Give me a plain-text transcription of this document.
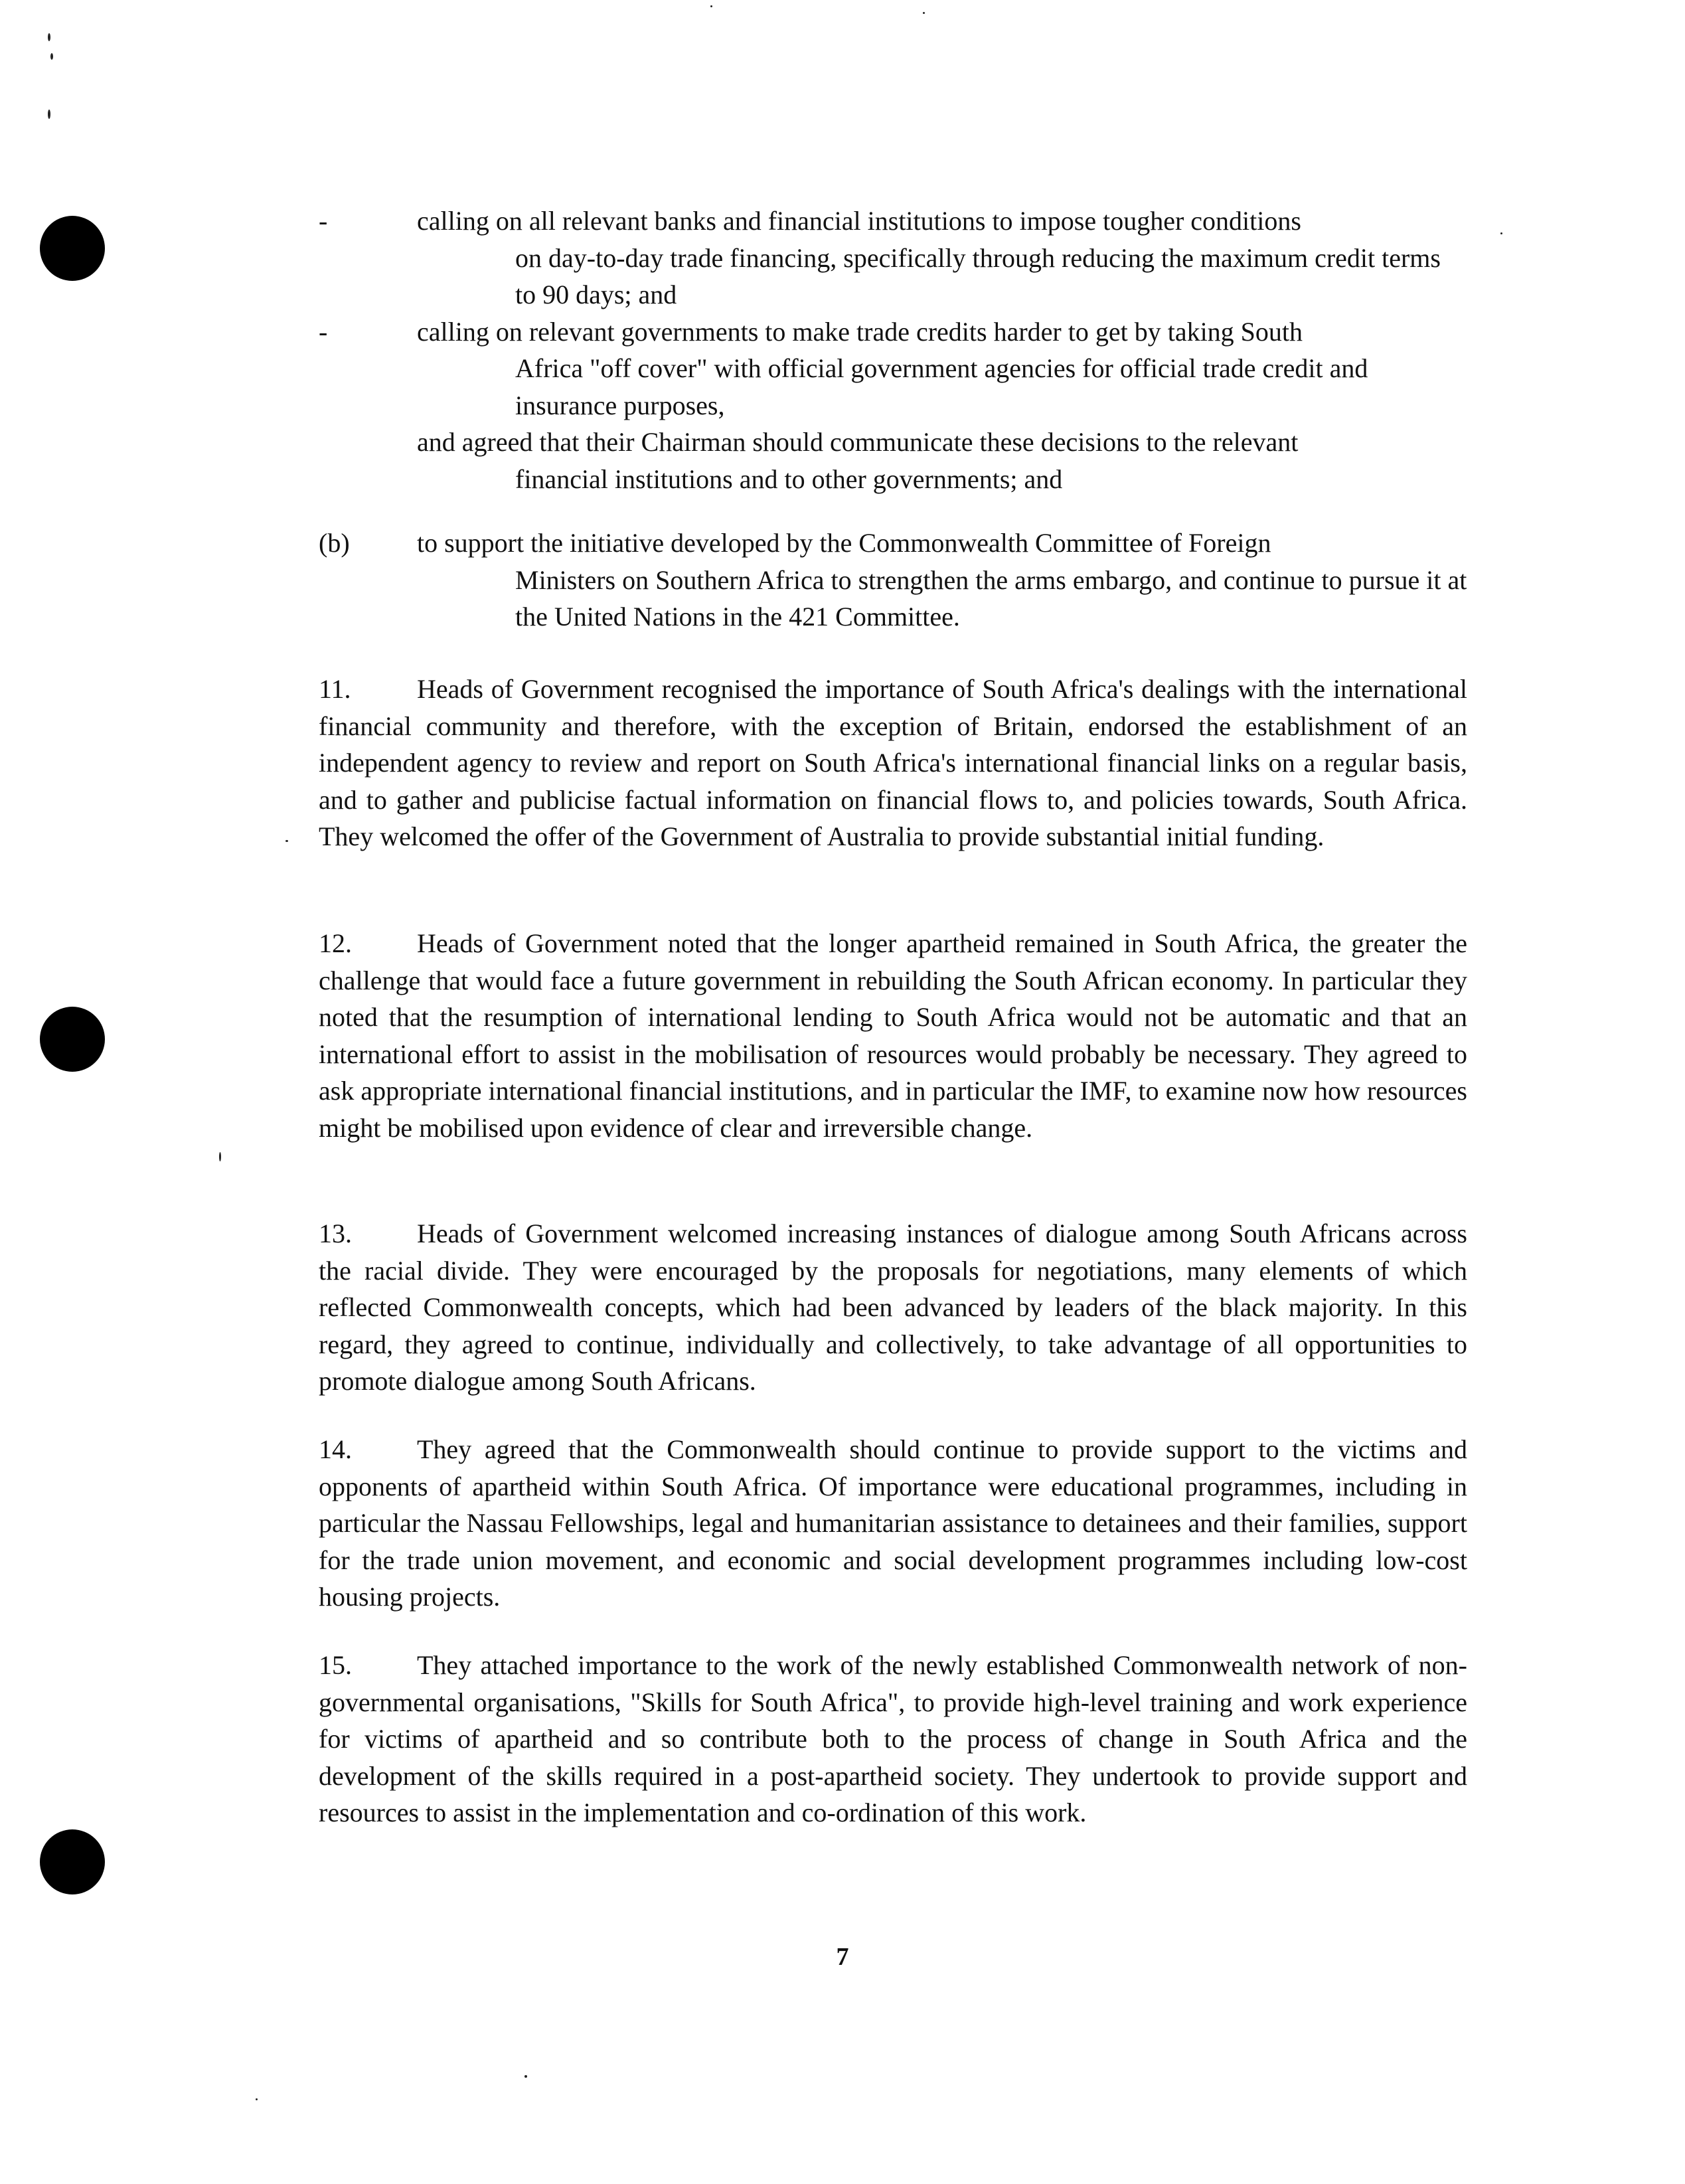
-	calling on all relevant banks and financial institutions to impose tougher conditions
on day-to-day trade financing, specifically through reducing the maximum credit terms to 90 days; and
-	calling on relevant governments to make trade credits harder to get by taking South
Africa "off cover" with official government agencies for official trade credit and insurance purposes,
and agreed that their Chairman should communicate these decisions to the relevant
financial institutions and to other governments; and
(b)	to support the initiative developed by the Commonwealth Committee of Foreign
Ministers on Southern Africa to strengthen the arms embargo, and continue to pursue it at the United Nations in the 421 Committee.
11. Heads of Government recognised the importance of South Africa's dealings with the international financial community and therefore, with the exception of Britain, endorsed the establishment of an independent agency to review and report on South Africa's international financial links on a regular basis, and to gather and publicise factual information on financial flows to, and policies towards, South Africa. They welcomed the offer of the Government of Australia to provide substantial initial funding.
12. Heads of Government noted that the longer apartheid remained in South Africa, the greater the challenge that would face a future government in rebuilding the South African economy. In particular they noted that the resumption of international lending to South Africa would not be automatic and that an international effort to assist in the mobilisation of resources would probably be necessary. They agreed to ask appropriate international financial institutions, and in particular the IMF, to examine now how resources might be mobilised upon evidence of clear and irreversible change.
13. Heads of Government welcomed increasing instances of dialogue among South Africans across the racial divide. They were encouraged by the proposals for negotiations, many elements of which reflected Commonwealth concepts, which had been advanced by leaders of the black majority. In this regard, they agreed to continue, individually and collectively, to take advantage of all opportunities to promote dialogue among South Africans.
14. They agreed that the Commonwealth should continue to provide support to the victims and opponents of apartheid within South Africa. Of importance were educational programmes, including in particular the Nassau Fellowships, legal and humanitarian assistance to detainees and their families, support for the trade union movement, and economic and social development programmes including low-cost housing projects.
15. They attached importance to the work of the newly established Commonwealth network of non-governmental organisations, "Skills for South Africa", to provide high-level training and work experience for victims of apartheid and so contribute both to the process of change in South Africa and the development of the skills required in a post-apartheid society. They undertook to provide support and resources to assist in the implementation and co-ordination of this work.
7
